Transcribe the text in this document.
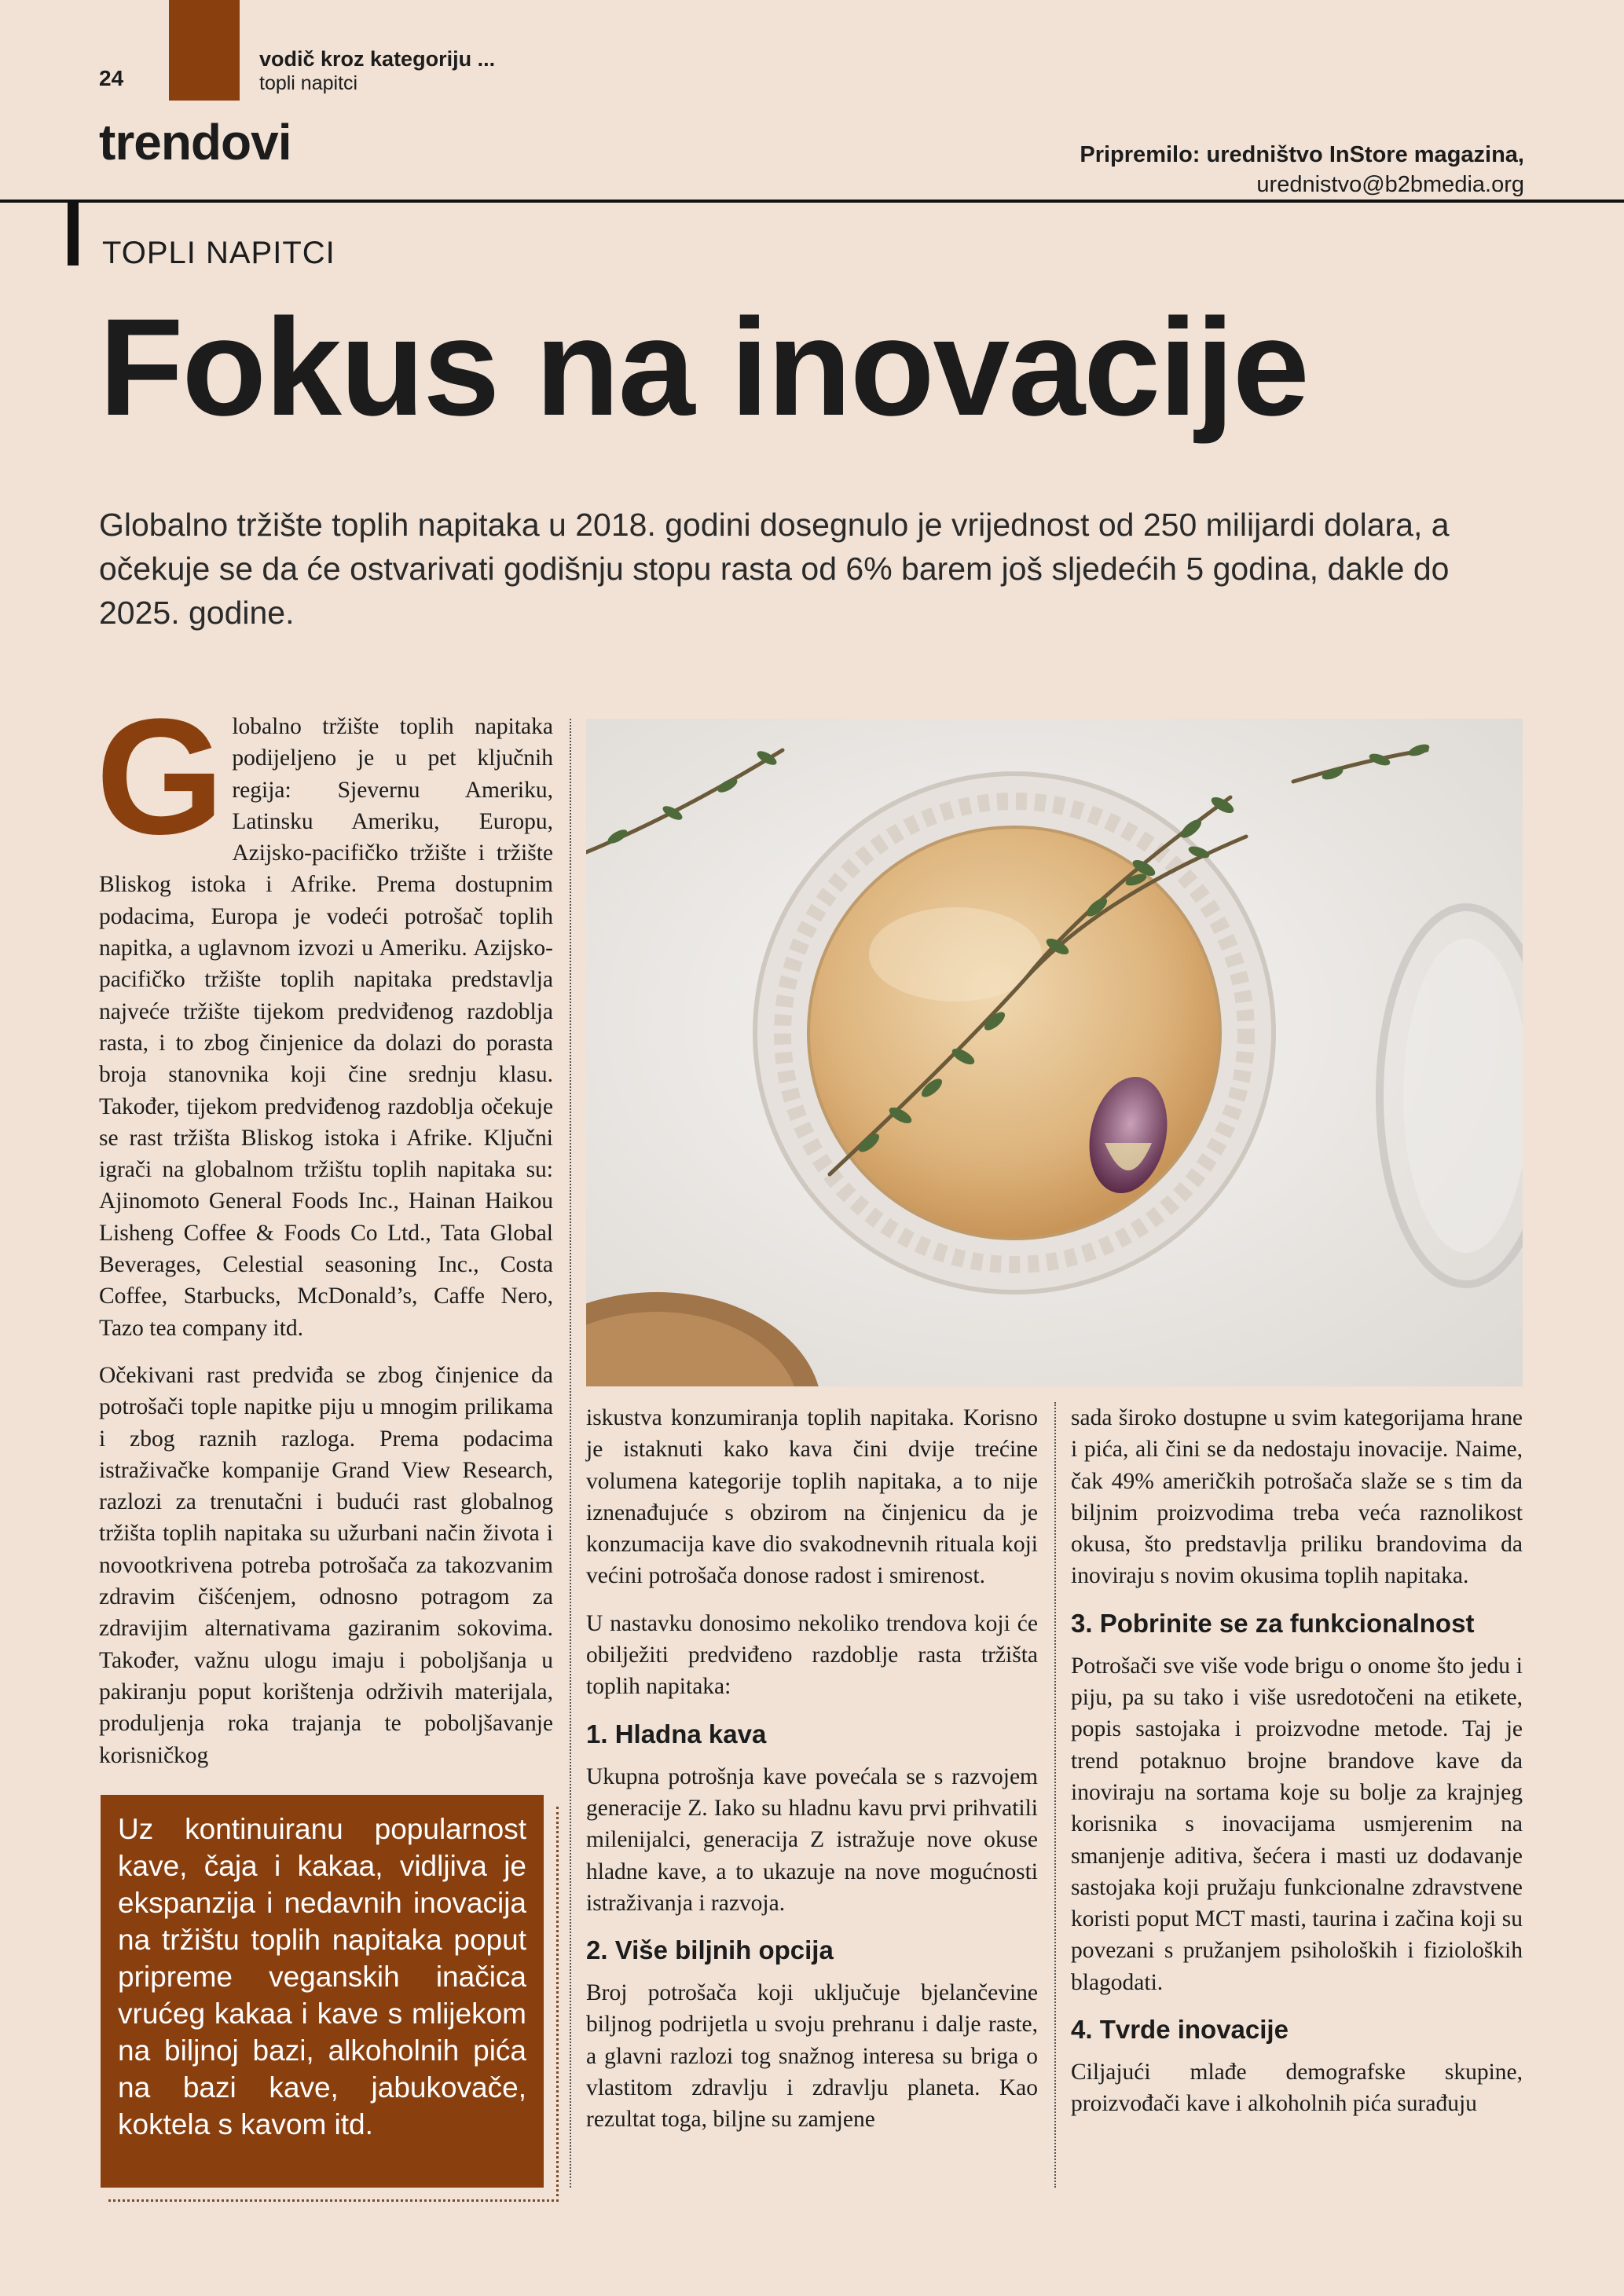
24
vodič kroz kategoriju ...
topli napitci
trendovi	Pripremilo: uredništvo InStore magazina,
urednistvo@b2bmedia.org
TOPLI NAPITCI
Fokus na inovacije
Globalno tržište toplih napitaka u 2018. godini dosegnulo je vrijednost od 250 milijardi dolara, a očekuje se da će ostvarivati godišnju stopu rasta od 6% barem još sljedećih 5 godina, dakle do 2025. godine.

Globalno tržište toplih napitaka podijeljeno je u pet ključnih regija: Sjevernu Ameriku, Latinsku Ameriku, Europu, Azijsko-pacifičko tržište i tržište Bliskog istoka i Afrike. Prema dostupnim podacima, Europa je vodeći potrošač toplih napitka, a uglavnom izvozi u Ameriku. Azijsko-pacifičko tržište toplih napitaka predstavlja najveće tržište tijekom predviđenog razdoblja rasta, i to zbog činjenice da dolazi do porasta broja stanovnika koji čine srednju klasu. Također, tijekom predviđenog razdoblja očekuje se rast tržišta Bliskog istoka i Afrike. Ključni igrači na globalnom tržištu toplih napitaka su: Ajinomoto General Foods Inc., Hainan Haikou Lisheng Coffee & Foods Co Ltd., Tata Global Beverages, Celestial seasoning Inc., Costa Coffee, Starbucks, McDonald’s, Caffe Nero, Tazo tea company itd.

Očekivani rast predviđa se zbog činjenice da potrošači tople napitke piju u mnogim prilikama i zbog raznih razloga. Prema podacima istraživačke kompanije Grand View Research, razlozi za trenutačni i budući rast globalnog tržišta toplih napitaka su užurbani način života i novootkrivena potreba potrošača za takozvanim zdravim čišćenjem, odnosno potragom za zdravijim alternativama gaziranim sokovima. Također, važnu ulogu imaju i poboljšanja u pakiranju poput korištenja održivih materijala, produljenja roka trajanja te poboljšavanje korisničkog

Uz kontinuiranu popularnost kave, čaja i kakaa, vidljiva je ekspanzija i nedavnih inovacija na tržištu toplih napitaka poput pripreme veganskih inačica vrućeg kakaa i kave s mlijekom na biljnoj bazi, alkoholnih pića na bazi kave, jabukovače, koktela s kavom itd.

iskustva konzumiranja toplih napitaka. Korisno je istaknuti kako kava čini dvije trećine volumena kategorije toplih napitaka, a to nije iznenađujuće s obzirom na činjenicu da je konzumacija kave dio svakodnevnih rituala koji većini potrošača donose radost i smirenost.

U nastavku donosimo nekoliko trendova koji će obilježiti predviđeno razdoblje rasta tržišta toplih napitaka:

1. Hladna kava

Ukupna potrošnja kave povećala se s razvojem generacije Z. Iako su hladnu kavu prvi prihvatili milenijalci, generacija Z istražuje nove okuse hladne kave, a to ukazuje na nove mogućnosti istraživanja i razvoja.

2. Više biljnih opcija

Broj potrošača koji uključuje bjelančevine biljnog podrijetla u svoju prehranu i dalje raste, a glavni razlozi tog snažnog interesa su briga o vlastitom zdravlju i zdravlju planeta. Kao rezultat toga, biljne su zamjene

sada široko dostupne u svim kategorijama hrane i pića, ali čini se da nedostaju inovacije. Naime, čak 49% američkih potrošača slaže se s tim da biljnim proizvodima treba veća raznolikost okusa, što predstavlja priliku brandovima da inoviraju s novim okusima toplih napitaka.

3. Pobrinite se za funkcionalnost

Potrošači sve više vode brigu o onome što jedu i piju, pa su tako i više usredotočeni na etikete, popis sastojaka i proizvodne metode. Taj je trend potaknuo brojne brandove kave da inoviraju na sortama koje su bolje za krajnjeg korisnika s inovacijama usmjerenim na smanjenje aditiva, šećera i masti uz dodavanje sastojaka koji pružaju funkcionalne zdravstvene koristi poput MCT masti, taurina i začina koji su povezani s pružanjem psiholoških i fizioloških blagodati.

4. Tvrde inovacije

Ciljajući mlađe demografske skupine, proizvođači kave i alkoholnih pića surađuju
